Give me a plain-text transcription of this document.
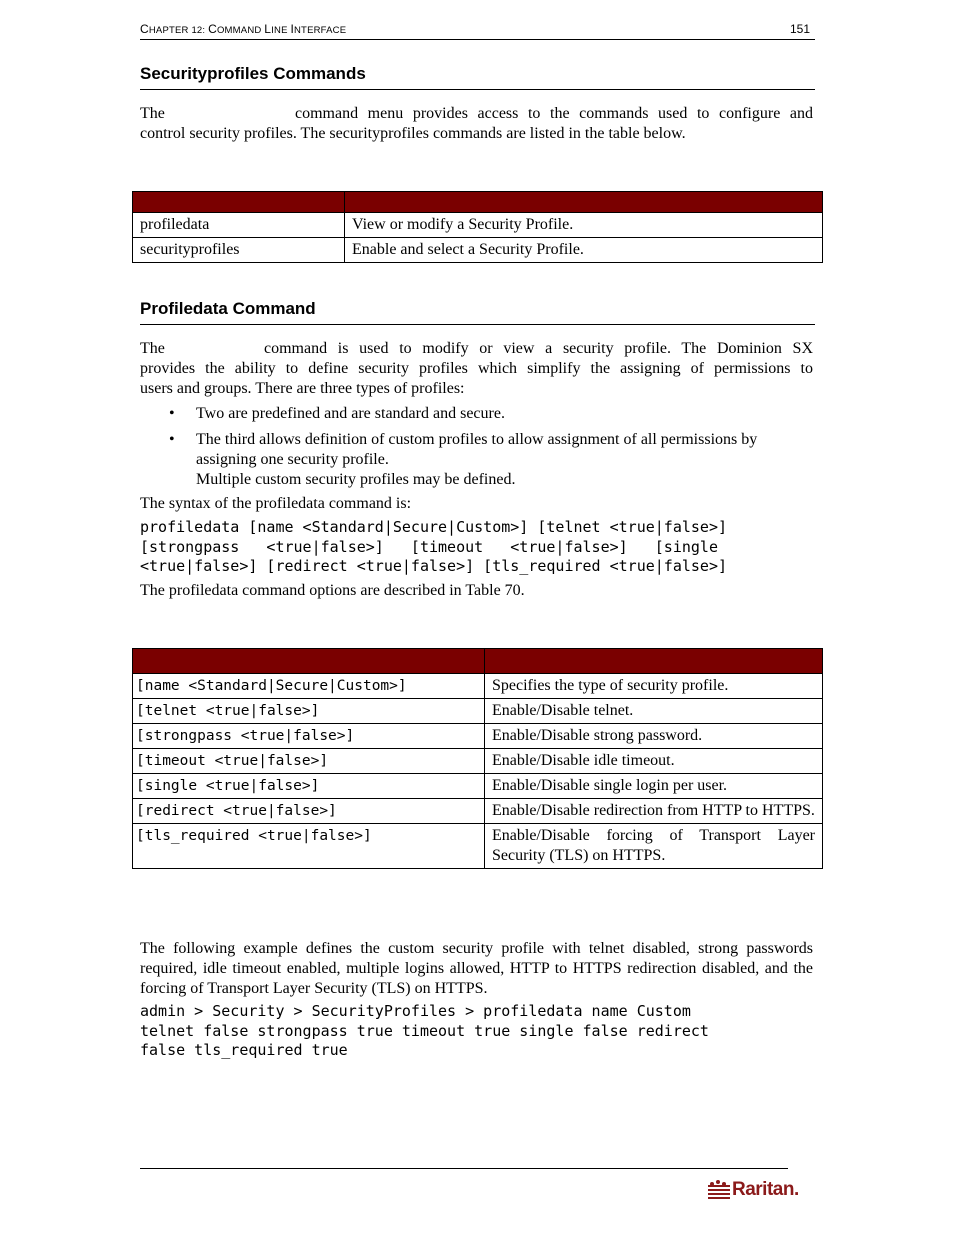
CHAPTER 12: COMMAND LINE INTERFACE	151
Securityprofiles Commands
The	command menu provides access to the commands used to configure and
control security profiles. The securityprofiles commands are listed in the table below.

profiledata	View or modify a Security Profile.
securityprofiles	Enable and select a Security Profile.
Profiledata Command
The	command is used to modify or view a security profile. The Dominion SX
provides the ability to define security profiles which simplify the assigning of permissions to
users and groups. There are three types of profiles:
• Two are predefined and are standard and secure.
• The third allows definition of custom profiles to allow assignment of all permissions by assigning one security profile.
Multiple custom security profiles may be defined.
The syntax of the profiledata command is:
profiledata [name <Standard|Secure|Custom>] [telnet <true|false>]
[strongpass   <true|false>]   [timeout   <true|false>]   [single
<true|false>] [redirect <true|false>] [tls_required <true|false>]
The profiledata command options are described in Table 70.

[name <Standard|Secure|Custom>]	Specifies the type of security profile.
[telnet <true|false>]	Enable/Disable telnet.
[strongpass <true|false>]	Enable/Disable strong password.
[timeout <true|false>]	Enable/Disable idle timeout.
[single <true|false>]	Enable/Disable single login per user.
[redirect <true|false>]	Enable/Disable redirection from HTTP to HTTPS.
[tls_required <true|false>]	Enable/Disable forcing of Transport Layer Security (TLS) on HTTPS.
The following example defines the custom security profile with telnet disabled, strong passwords required, idle timeout enabled, multiple logins allowed, HTTP to HTTPS redirection disabled, and the forcing of Transport Layer Security (TLS) on HTTPS.
admin > Security > SecurityProfiles > profiledata name Custom
telnet false strongpass true timeout true single false redirect
false tls_required true
Raritan.
